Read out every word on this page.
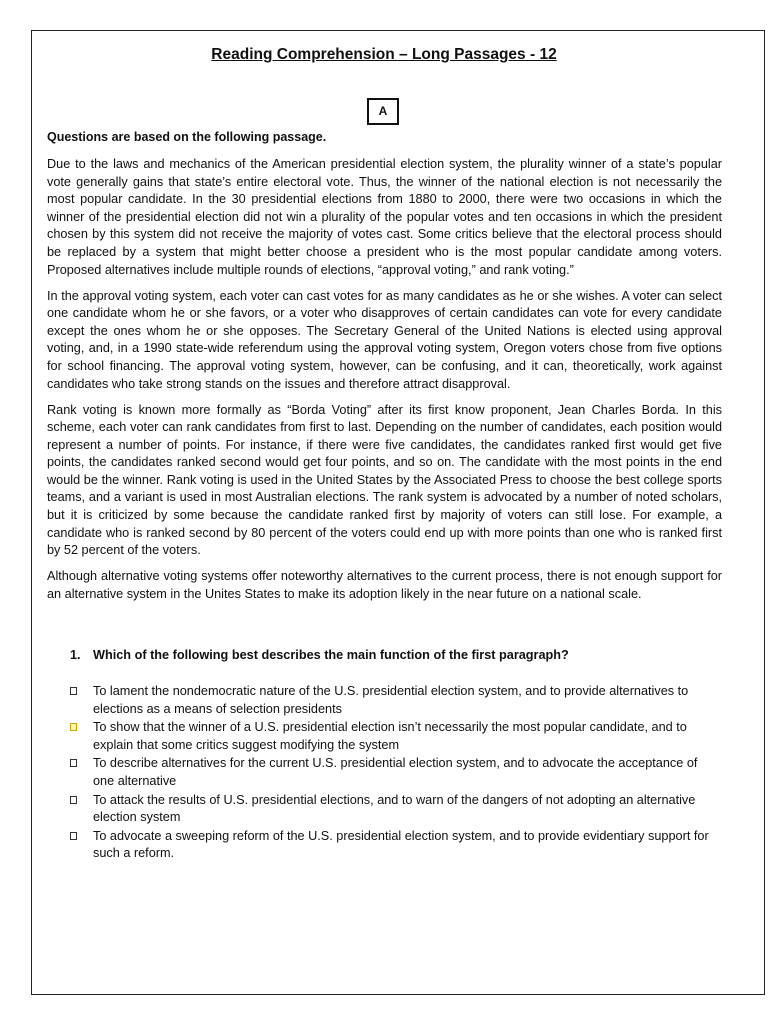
Reading Comprehension – Long Passages - 12
A
Questions are based on the following passage.

Due to the laws and mechanics of the American presidential election system, the plurality winner of a state’s popular vote generally gains that state’s entire electoral vote. Thus, the winner of the national election is not necessarily the most popular candidate. In the 30 presidential elections from 1880 to 2000, there were two occasions in which the winner of the presidential election did not win a plurality of the popular votes and ten occasions in which the president chosen by this system did not receive the majority of votes cast. Some critics believe that the electoral process should be replaced by a system that might better choose a president who is the most popular candidate among voters. Proposed alternatives include multiple rounds of elections, “approval voting,” and rank voting.”

In the approval voting system, each voter can cast votes for as many candidates as he or she wishes. A voter can select one candidate whom he or she favors, or a voter who disapproves of certain candidates can vote for every candidate except the ones whom he or she opposes. The Secretary General of the United Nations is elected using approval voting, and, in a 1990 state-wide referendum using the approval voting system, Oregon voters chose from five options for school financing. The approval voting system, however, can be confusing, and it can, theoretically, work against candidates who take strong stands on the issues and therefore attract disapproval.

Rank voting is known more formally as “Borda Voting” after its first know proponent, Jean Charles Borda. In this scheme, each voter can rank candidates from first to last. Depending on the number of candidates, each position would represent a number of points. For instance, if there were five candidates, the candidates ranked first would get five points, the candidates ranked second would get four points, and so on. The candidate with the most points in the end would be the winner. Rank voting is used in the United States by the Associated Press to choose the best college sports teams, and a variant is used in most Australian elections. The rank system is advocated by a number of noted scholars, but it is criticized by some because the candidate ranked first by majority of voters can still lose. For example, a candidate who is ranked second by 80 percent of the voters could end up with more points than one who is ranked first by 52 percent of the voters.

Although alternative voting systems offer noteworthy alternatives to the current process, there is not enough support for an alternative system in the Unites States to make its adoption likely in the near future on a national scale.

1. Which of the following best describes the main function of the first paragraph?
To lament the nondemocratic nature of the U.S. presidential election system, and to provide alternatives to elections as a means of selection presidents
To show that the winner of a U.S. presidential election isn’t necessarily the most popular candidate, and to explain that some critics suggest modifying the system
To describe alternatives for the current U.S. presidential election system, and to advocate the acceptance of one alternative
To attack the results of U.S. presidential elections, and to warn of the dangers of not adopting an alternative election system
To advocate a sweeping reform of the U.S. presidential election system, and to provide evidentiary support for such a reform.
